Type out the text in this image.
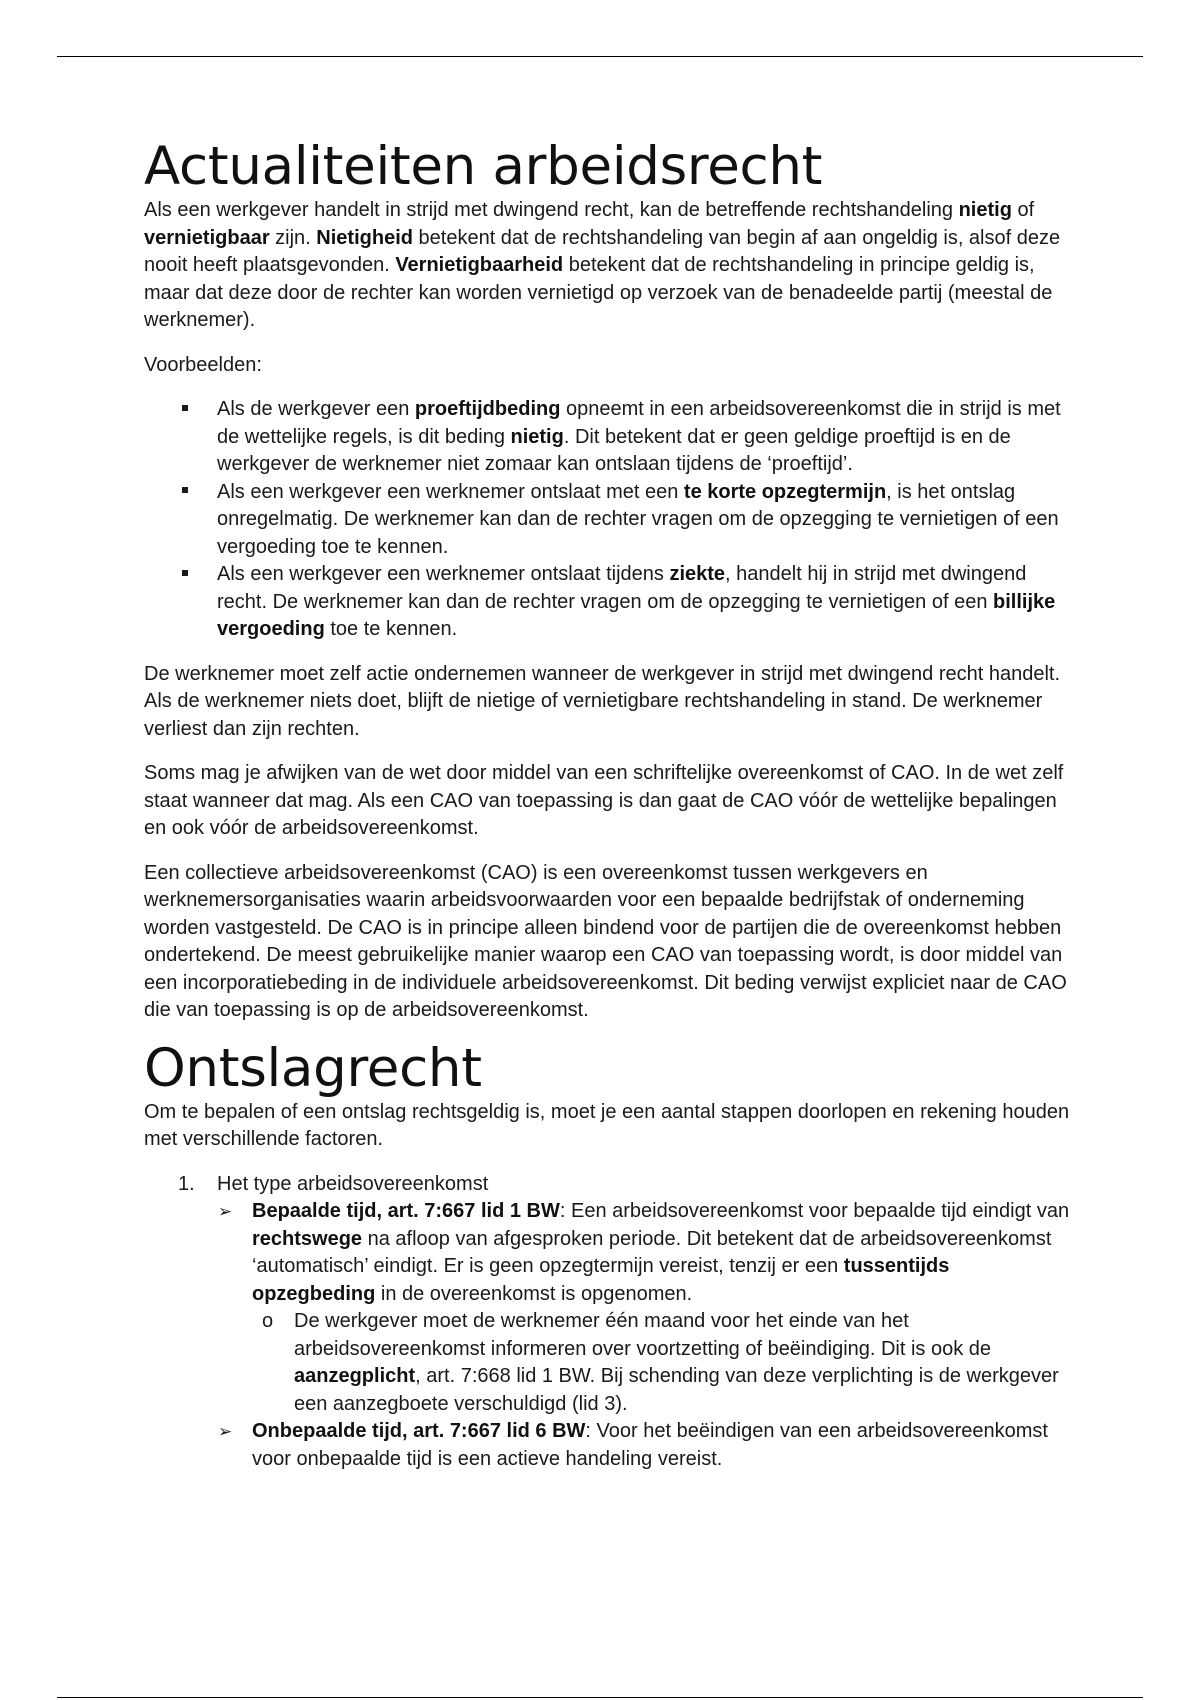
Actualiteiten arbeidsrecht

Als een werkgever handelt in strijd met dwingend recht, kan de betreffende rechtshandeling nietig of vernietigbaar zijn. Nietigheid betekent dat de rechtshandeling van begin af aan ongeldig is, alsof deze nooit heeft plaatsgevonden. Vernietigbaarheid betekent dat de rechtshandeling in principe geldig is, maar dat deze door de rechter kan worden vernietigd op verzoek van de benadeelde partij (meestal de werknemer).

Voorbeelden:

Als de werkgever een proeftijdbeding opneemt in een arbeidsovereenkomst die in strijd is met de wettelijke regels, is dit beding nietig. Dit betekent dat er geen geldige proeftijd is en de werkgever de werknemer niet zomaar kan ontslaan tijdens de ‘proeftijd’.
Als een werkgever een werknemer ontslaat met een te korte opzegtermijn, is het ontslag onregelmatig. De werknemer kan dan de rechter vragen om de opzegging te vernietigen of een vergoeding toe te kennen.
Als een werkgever een werknemer ontslaat tijdens ziekte, handelt hij in strijd met dwingend recht. De werknemer kan dan de rechter vragen om de opzegging te vernietigen of een billijke vergoeding toe te kennen.

De werknemer moet zelf actie ondernemen wanneer de werkgever in strijd met dwingend recht handelt. Als de werknemer niets doet, blijft de nietige of vernietigbare rechtshandeling in stand. De werknemer verliest dan zijn rechten.

Soms mag je afwijken van de wet door middel van een schriftelijke overeenkomst of CAO. In de wet zelf staat wanneer dat mag. Als een CAO van toepassing is dan gaat de CAO vóór de wettelijke bepalingen en ook vóór de arbeidsovereenkomst.

Een collectieve arbeidsovereenkomst (CAO) is een overeenkomst tussen werkgevers en werknemersorganisaties waarin arbeidsvoorwaarden voor een bepaalde bedrijfstak of onderneming worden vastgesteld. De CAO is in principe alleen bindend voor de partijen die de overeenkomst hebben ondertekend. De meest gebruikelijke manier waarop een CAO van toepassing wordt, is door middel van een incorporatiebeding in de individuele arbeidsovereenkomst. Dit beding verwijst expliciet naar de CAO die van toepassing is op de arbeidsovereenkomst.

Ontslagrecht

Om te bepalen of een ontslag rechtsgeldig is, moet je een aantal stappen doorlopen en rekening houden met verschillende factoren.

1. Het type arbeidsovereenkomst
➢ Bepaalde tijd, art. 7:667 lid 1 BW: Een arbeidsovereenkomst voor bepaalde tijd eindigt van rechtswege na afloop van afgesproken periode. Dit betekent dat de arbeidsovereenkomst ‘automatisch’ eindigt. Er is geen opzegtermijn vereist, tenzij er een tussentijds opzegbeding in de overeenkomst is opgenomen.
o De werkgever moet de werknemer één maand voor het einde van het arbeidsovereenkomst informeren over voortzetting of beëindiging. Dit is ook de aanzegplicht, art. 7:668 lid 1 BW. Bij schending van deze verplichting is de werkgever een aanzegboete verschuldigd (lid 3).
➢ Onbepaalde tijd, art. 7:667 lid 6 BW: Voor het beëindigen van een arbeidsovereenkomst voor onbepaalde tijd is een actieve handeling vereist.
